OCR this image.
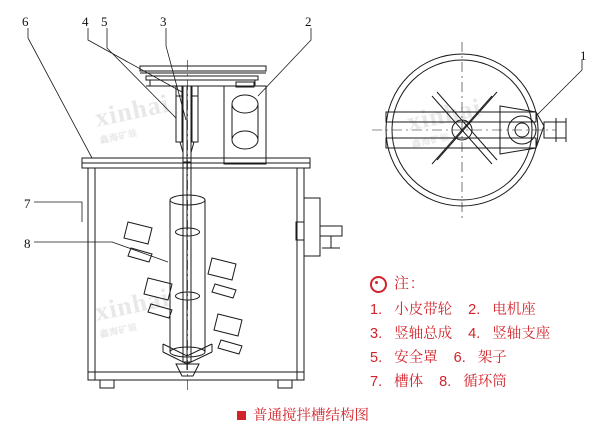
xinhai
鑫海矿装
xinhai
鑫海矿装
xinhai
鑫海矿装
6	4 5	3	2
1
7
8
注:
1. 小皮带轮 2. 电机座
3. 竖轴总成 4. 竖轴支座
5. 安全罩 6. 架子
7. 槽体 8. 循环筒
普通搅拌槽结构图
